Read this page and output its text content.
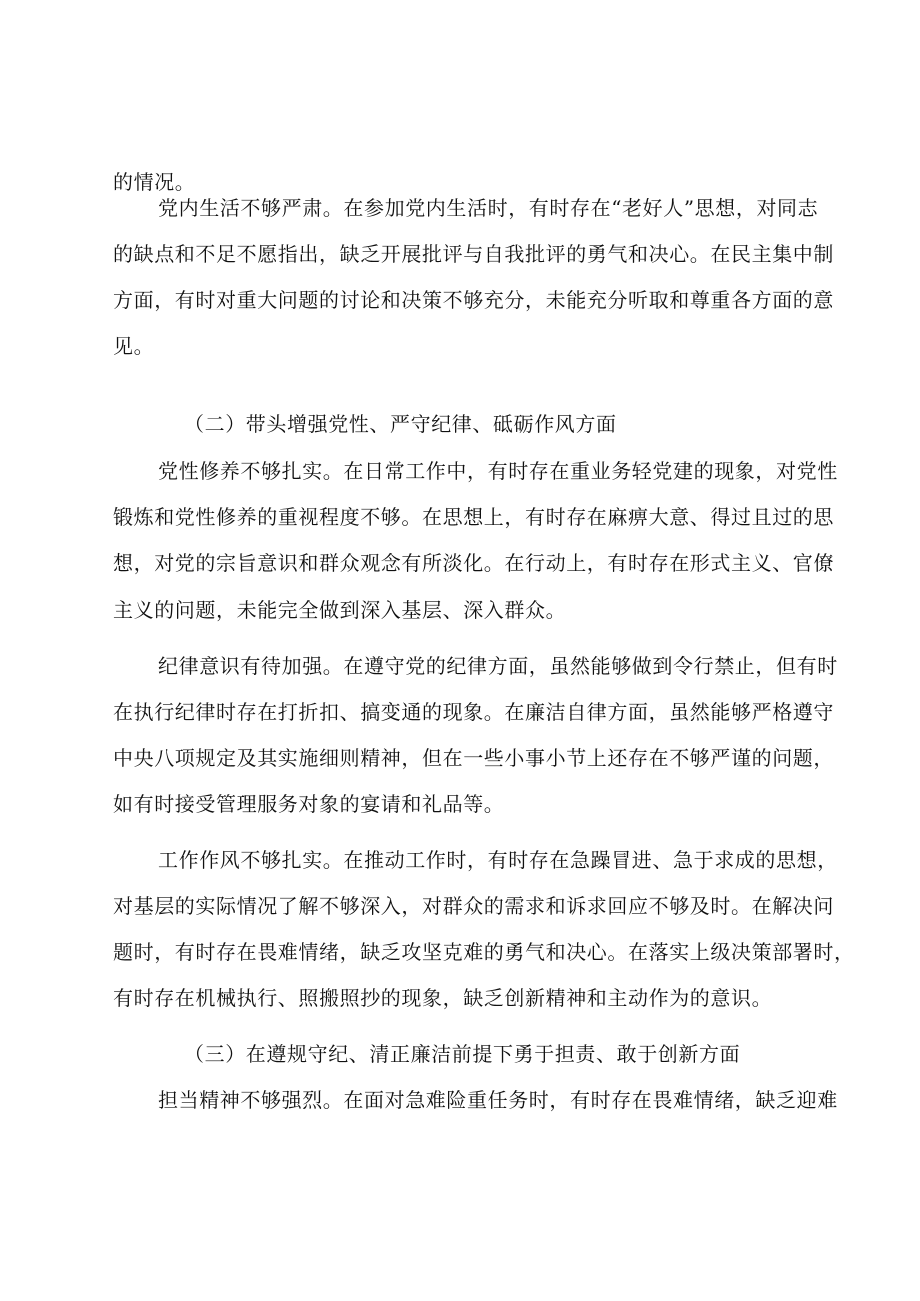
的情况。
党内生活不够严肃。在参加党内生活时，有时存在“老好人”思想，对同志
的缺点和不足不愿指出，缺乏开展批评与自我批评的勇气和决心。在民主集中制
方面，有时对重大问题的讨论和决策不够充分，未能充分听取和尊重各方面的意
见。
（二）带头增强党性、严守纪律、砥砺作风方面
党性修养不够扎实。在日常工作中，有时存在重业务轻党建的现象，对党性
锻炼和党性修养的重视程度不够。在思想上，有时存在麻痹大意、得过且过的思
想，对党的宗旨意识和群众观念有所淡化。在行动上，有时存在形式主义、官僚
主义的问题，未能完全做到深入基层、深入群众。
纪律意识有待加强。在遵守党的纪律方面，虽然能够做到令行禁止，但有时
在执行纪律时存在打折扣、搞变通的现象。在廉洁自律方面，虽然能够严格遵守
中央八项规定及其实施细则精神，但在一些小事小节上还存在不够严谨的问题，
如有时接受管理服务对象的宴请和礼品等。
工作作风不够扎实。在推动工作时，有时存在急躁冒进、急于求成的思想，
对基层的实际情况了解不够深入，对群众的需求和诉求回应不够及时。在解决问
题时，有时存在畏难情绪，缺乏攻坚克难的勇气和决心。在落实上级决策部署时，
有时存在机械执行、照搬照抄的现象，缺乏创新精神和主动作为的意识。
（三）在遵规守纪、清正廉洁前提下勇于担责、敢于创新方面
担当精神不够强烈。在面对急难险重任务时，有时存在畏难情绪，缺乏迎难
